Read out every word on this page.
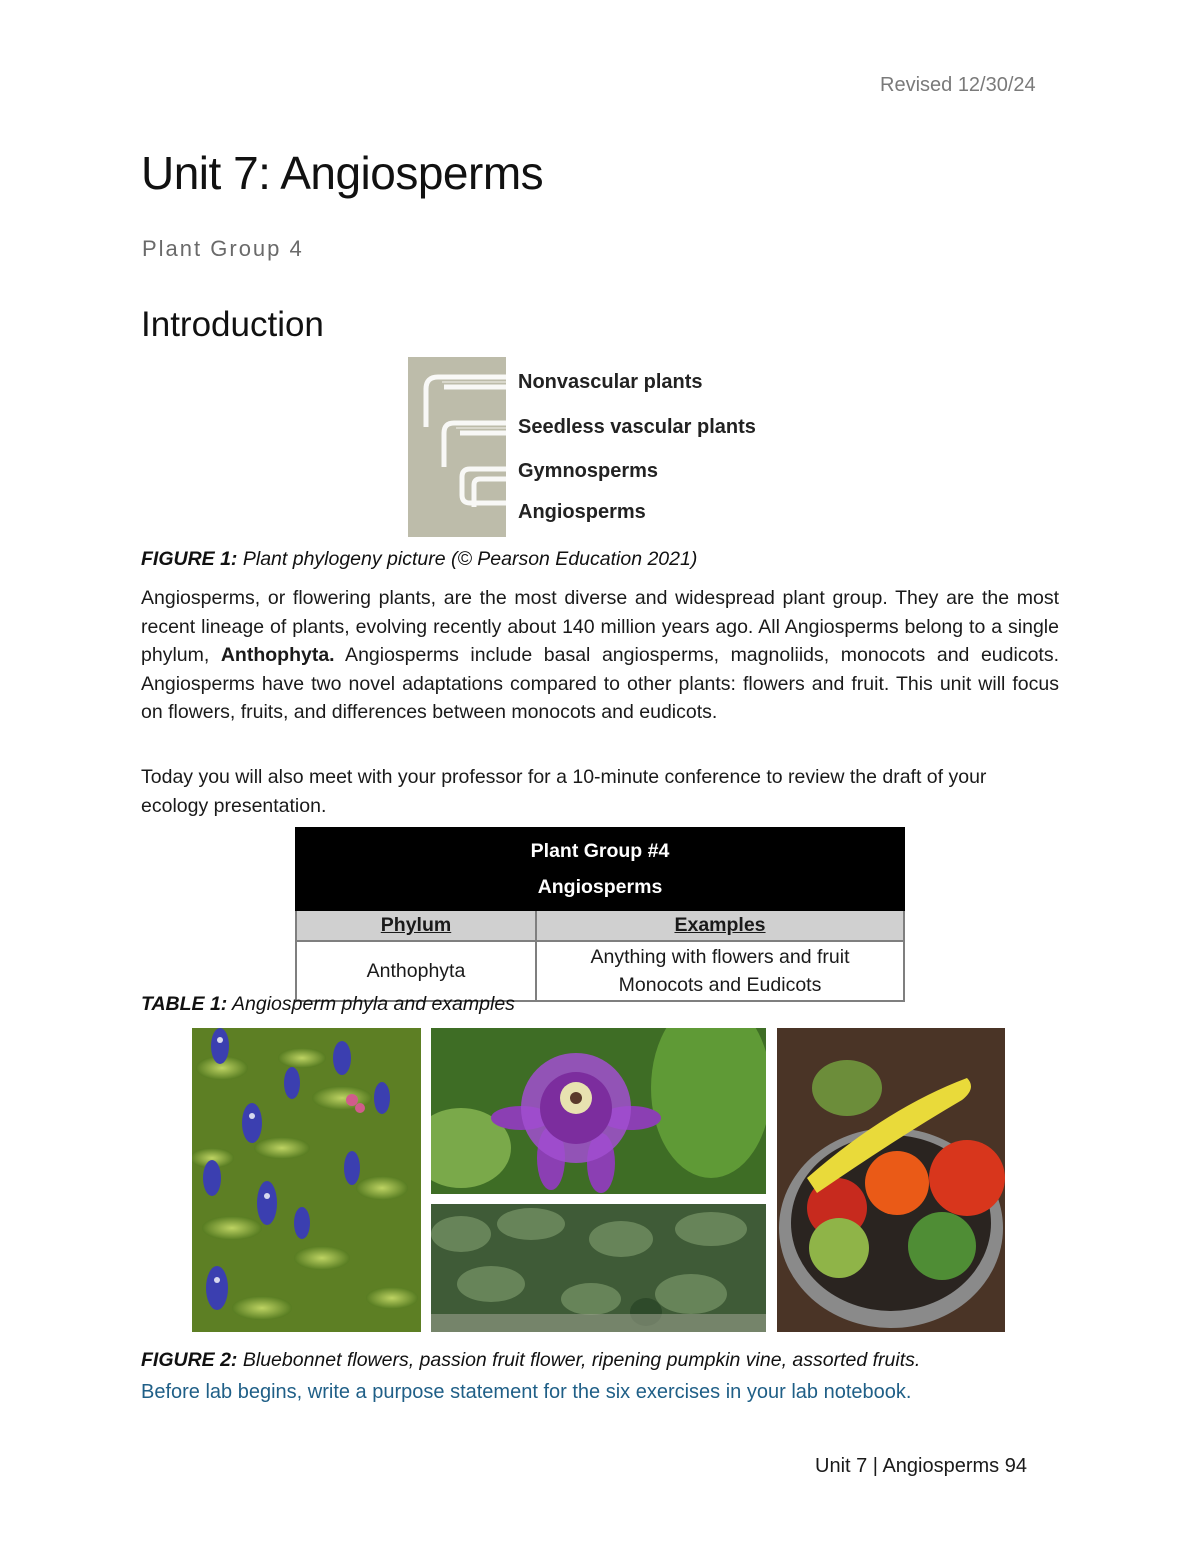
Revised 12/30/24
Unit 7: Angiosperms
Plant Group 4
Introduction
Nonvascular plants
Seedless vascular plants
Gymnosperms
Angiosperms
FIGURE 1: Plant phylogeny picture (© Pearson Education 2021)
Angiosperms, or flowering plants, are the most diverse and widespread plant group. They are the most recent lineage of plants, evolving recently about 140 million years ago. All Angiosperms belong to a single phylum, Anthophyta. Angiosperms include basal angiosperms, magnoliids, monocots and eudicots. Angiosperms have two novel adaptations compared to other plants: flowers and fruit. This unit will focus on flowers, fruits, and differences between monocots and eudicots.
Today you will also meet with your professor for a 10-minute conference to review the draft of your ecology presentation.
Plant Group #4
Angiosperms	

Phylum	Examples
Anthophyta	Anything with flowers and fruit
Monocots and Eudicots
TABLE 1: Angiosperm phyla and examples
FIGURE 2: Bluebonnet flowers, passion fruit flower, ripening pumpkin vine, assorted fruits.
Before lab begins, write a purpose statement for the six exercises in your lab notebook.
Unit 7 | Angiosperms 94
